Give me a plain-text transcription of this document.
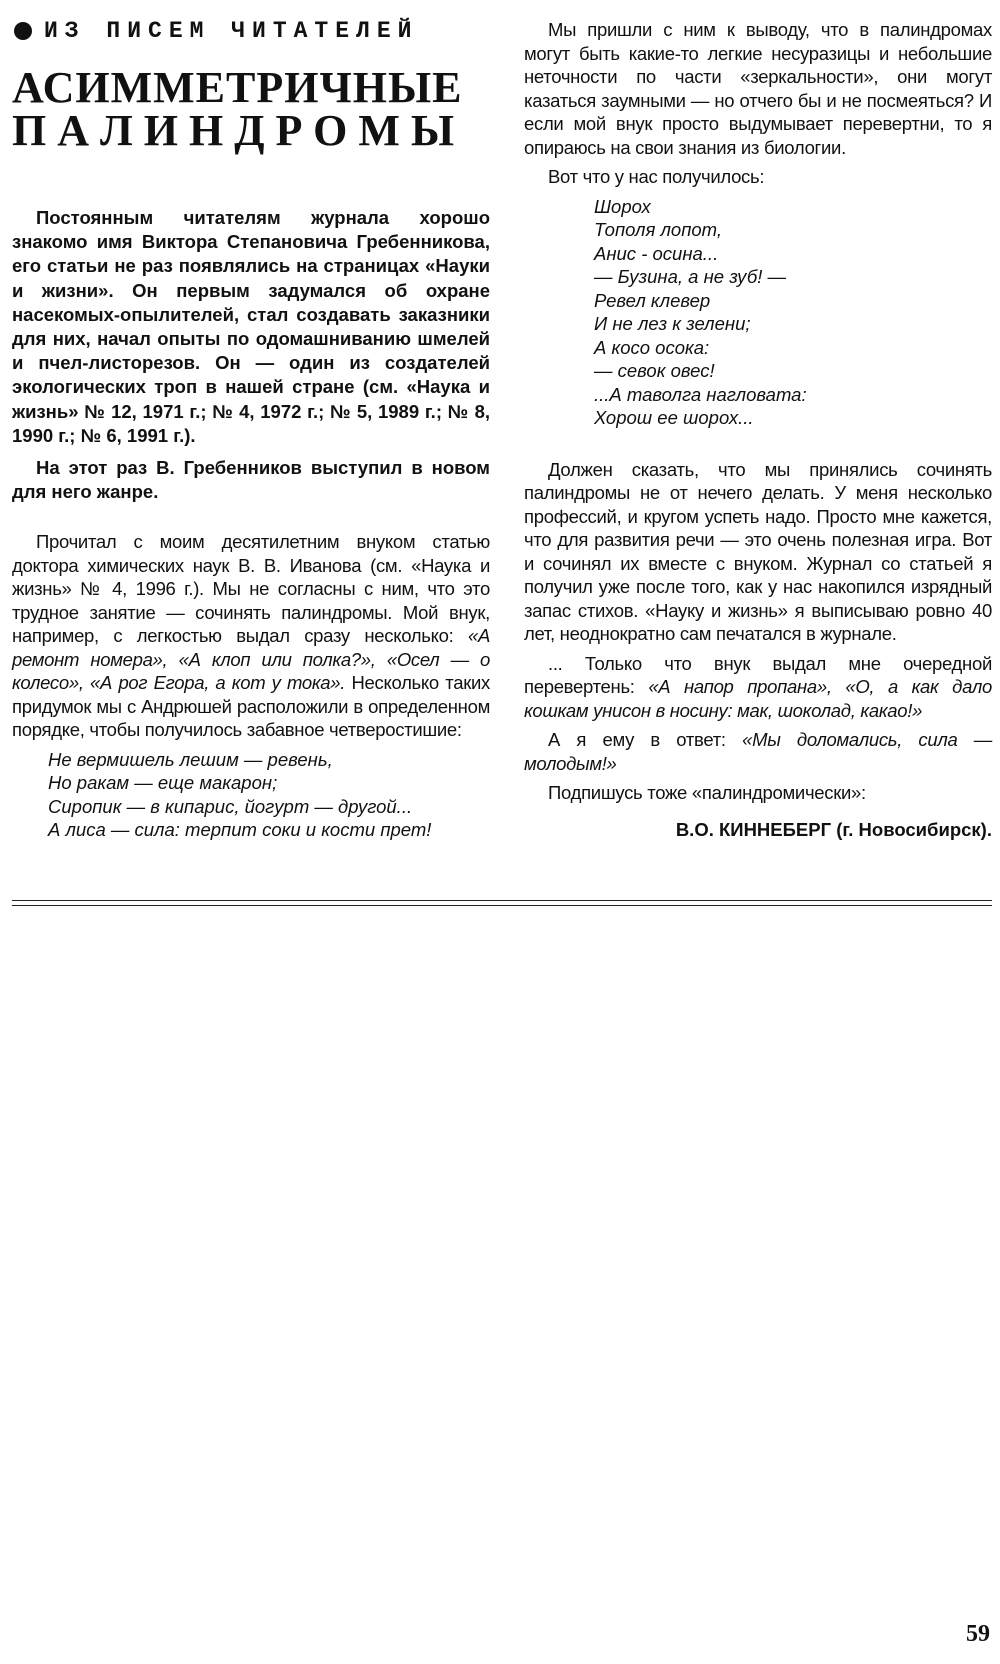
ИЗ ПИСЕМ ЧИТАТЕЛЕЙ
АСИММЕТРИЧНЫЕ
ПАЛИНДРОМЫ

Постоянным читателям журнала хорошо знакомо имя Виктора Степановича Гребенникова, его статьи не раз появлялись на страницах «Науки и жизни». Он первым задумался об охране насекомых-опылителей, стал создавать заказники для них, начал опыты по одомашниванию шмелей и пчел-листорезов. Он — один из создателей экологических троп в нашей стране (см. «Наука и жизнь» № 12, 1971 г.; № 4, 1972 г.; № 5, 1989 г.; № 8, 1990 г.; № 6, 1991 г.).

На этот раз В. Гребенников выступил в новом для него жанре.

Прочитал с моим десятилетним внуком статью доктора химических наук В. В. Иванова (см. «Наука и жизнь» № 4, 1996 г.). Мы не согласны с ним, что это трудное занятие — сочинять палиндромы. Мой внук, например, с легкостью выдал сразу несколько: «А ремонт номера», «А клоп или полка?», «Осел — о колесо», «А рог Егора, а кот у тока». Несколько таких придумок мы с Андрюшей расположили в определенном порядке, чтобы получилось забавное четверостишие:

Не вермишель лешим — ревень,
Но ракам — еще макарон;
Сиропик — в кипарис, йогурт — другой...
А лиса — сила: терпит соки и кости прет!

Мы пришли с ним к выводу, что в палиндромах могут быть какие-то легкие несуразицы и небольшие неточности по части «зеркальности», они могут казаться заумными — но отчего бы и не посмеяться? И если мой внук просто выдумывает перевертни, то я опираюсь на свои знания из биологии.

Вот что у нас получилось:

Шорох
Тополя лопот,
Анис - осина...
— Бузина, а не зуб! —
Ревел клевер
И не лез к зелени;
А косо осока:
— севок овес!
...А таволга нагловата:
Хорош ее шорох...

Должен сказать, что мы принялись сочинять палиндромы не от нечего делать. У меня несколько профессий, и кругом успеть надо. Просто мне кажется, что для развития речи — это очень полезная игра. Вот и сочинял их вместе с внуком. Журнал со статьей я получил уже после того, как у нас накопился изрядный запас стихов. «Науку и жизнь» я выписываю ровно 40 лет, неоднократно сам печатался в журнале.

... Только что внук выдал мне очередной перевертень: «А напор пропана», «О, а как дало кошкам унисон в носину: мак, шоколад, какао!»

А я ему в ответ: «Мы доломались, сила — молодым!»

Подпишусь тоже «палиндромически»:

В.О. КИННЕБЕРГ (г. Новосибирск).
59
